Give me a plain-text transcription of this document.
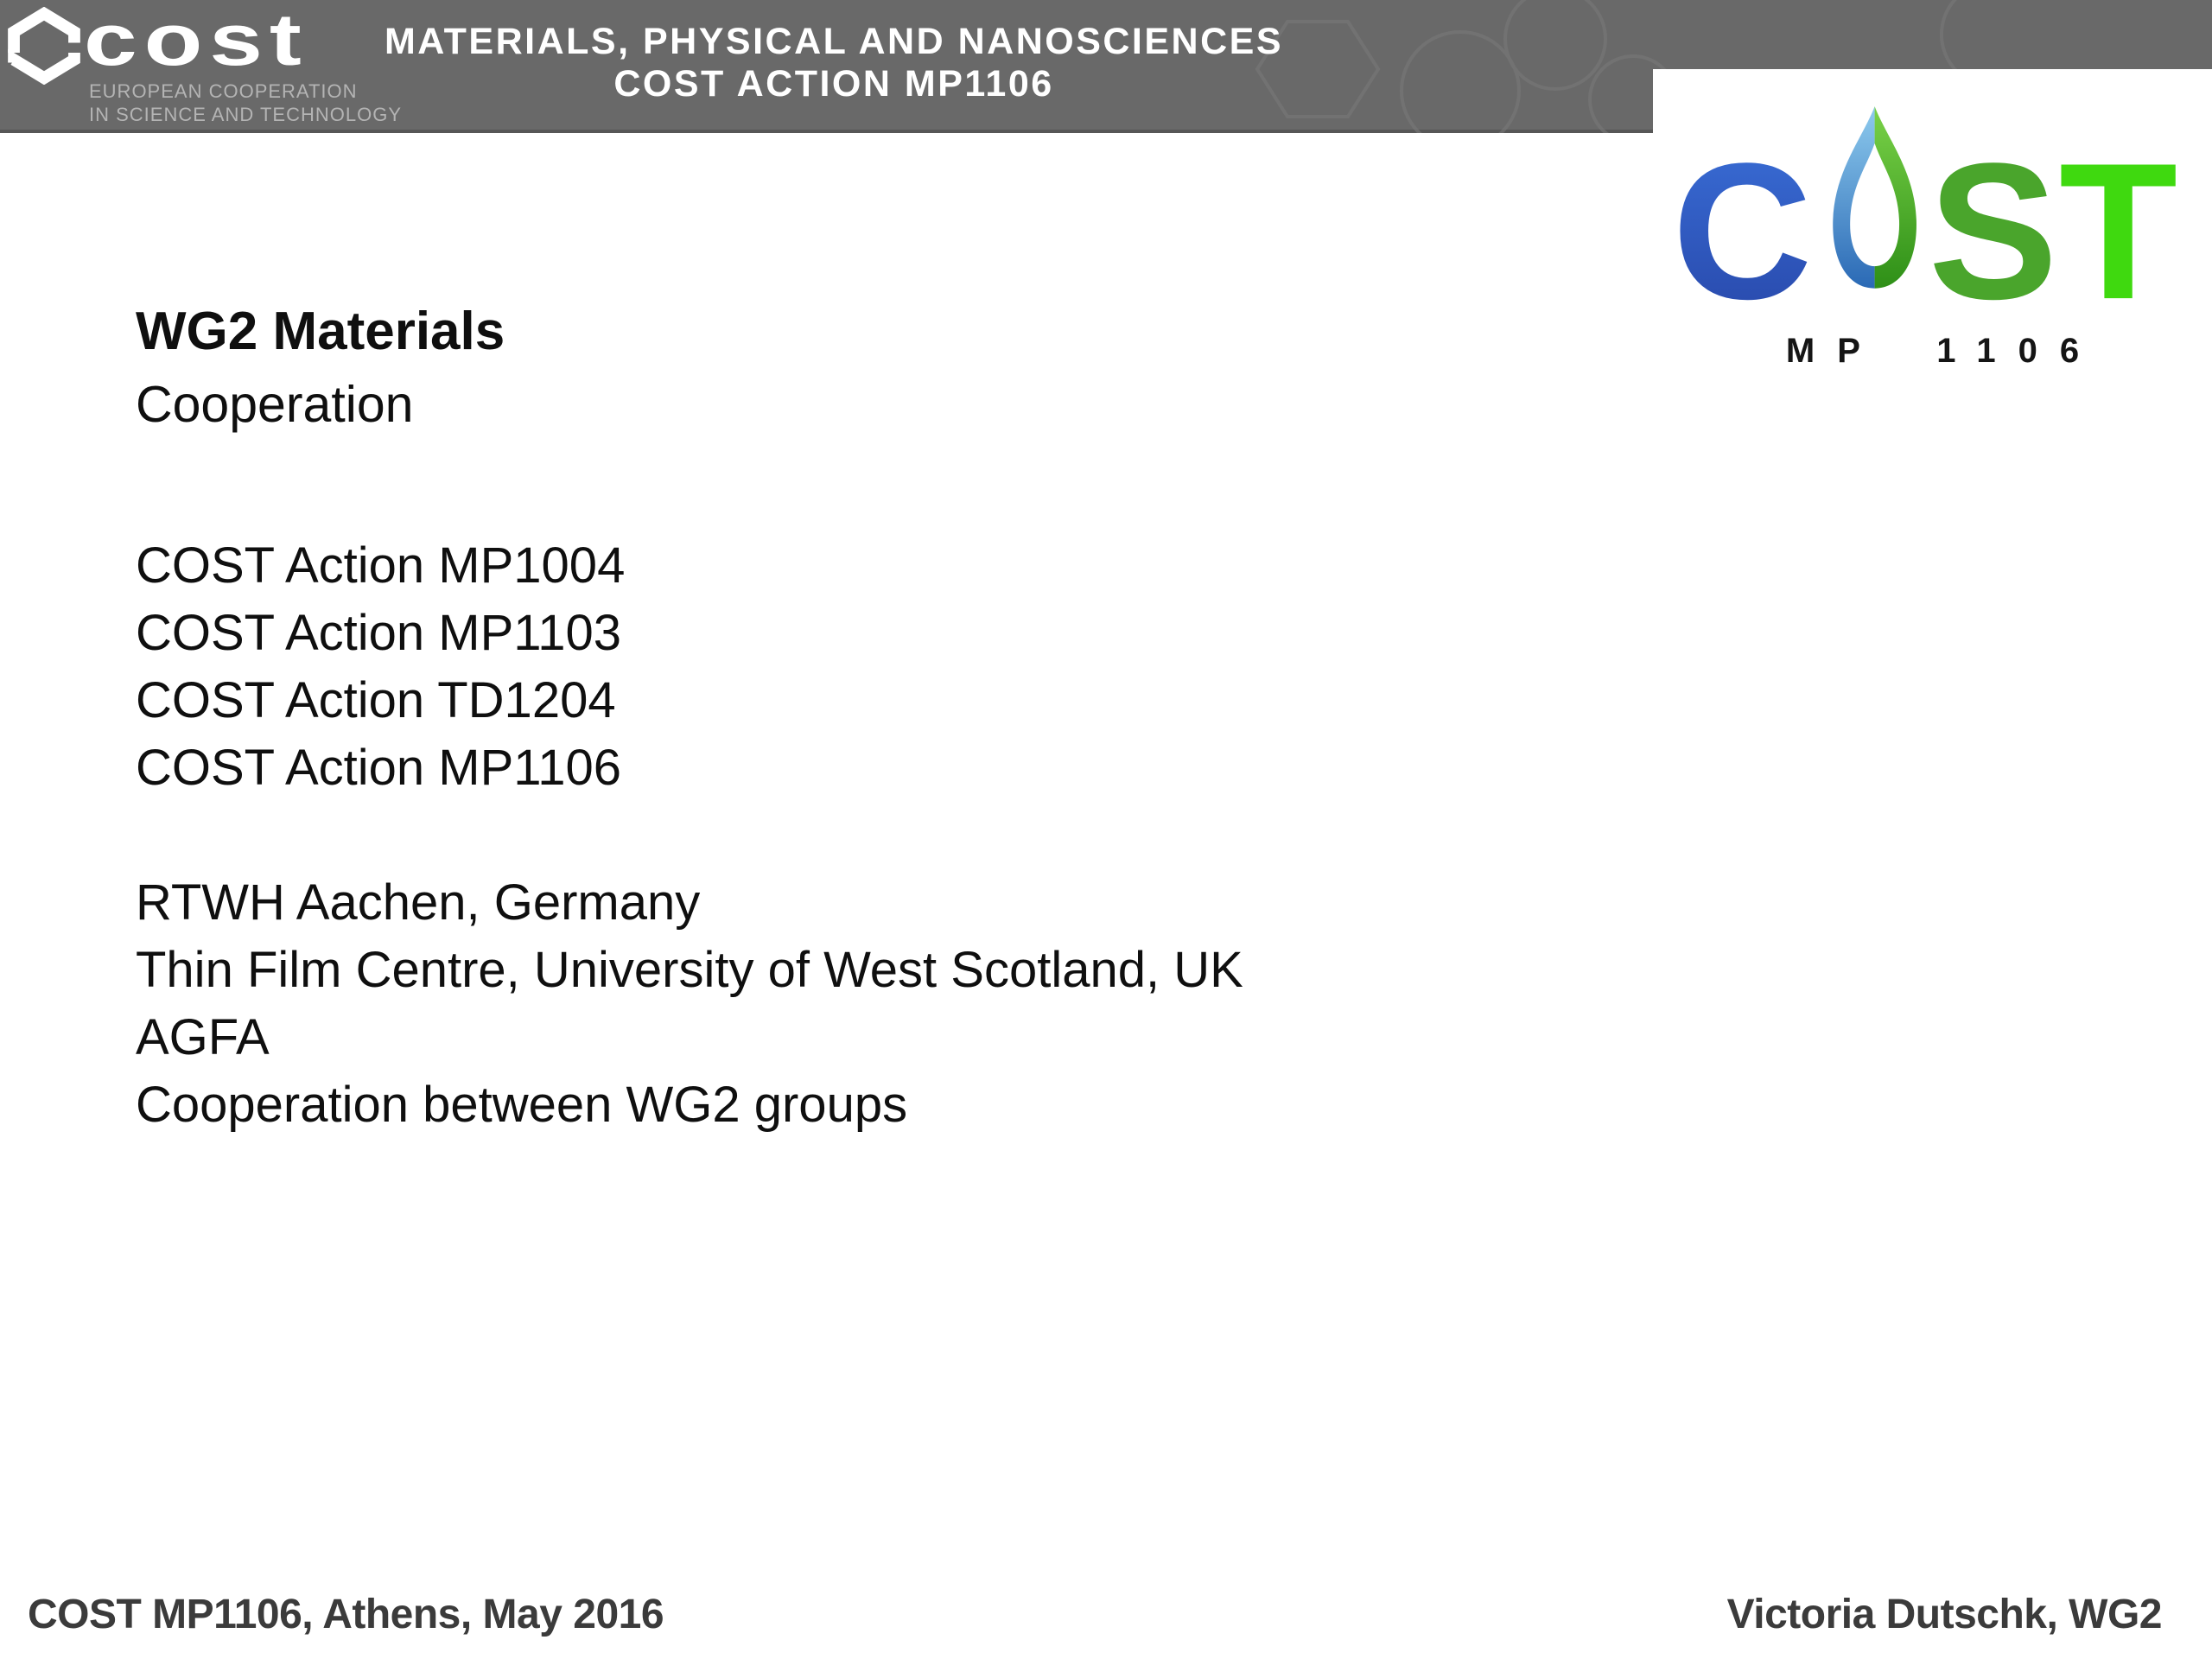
cost
EUROPEAN COOPERATION
IN SCIENCE AND TECHNOLOGY
MATERIALS, PHYSICAL AND NANOSCIENCES
COST ACTION MP1106
C S T
MP 1106
WG2 Materials
Cooperation
COST Action MP1004
COST Action MP1103
COST Action TD1204
COST Action MP1106
RTWH Aachen, Germany
Thin Film Centre, University of West Scotland, UK
AGFA
Cooperation between WG2 groups
COST MP1106, Athens, May 2016	Victoria Dutschk, WG2
